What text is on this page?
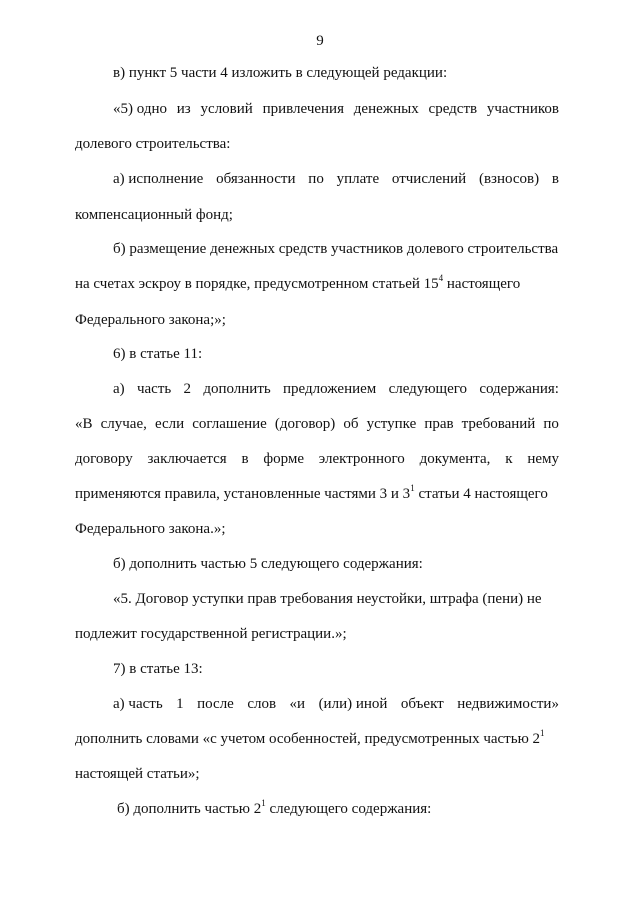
9
в) пункт 5 части 4 изложить в следующей редакции:
«5) одно из условий привлечения денежных средств участников
долевого строительства:
а) исполнение обязанности по уплате отчислений (взносов) в
компенсационный фонд;
б) размещение денежных средств участников долевого строительства
на счетах эскроу в порядке, предусмотренном статьей $15^4$ настоящего
Федерального закона;»;
6) в статье 11:
а) часть 2 дополнить предложением следующего содержания:
«В случае, если соглашение (договор) об уступке прав требований по
договору заключается в форме электронного документа, к нему
применяются правила, установленные частями 3 и $3^1$ статьи 4 настоящего
Федерального закона.»;
б) дополнить частью 5 следующего содержания:
«5. Договор уступки прав требования неустойки, штрафа (пени) не
подлежит государственной регистрации.»;
7) в статье 13:
а) часть 1 после слов «и (или) иной объект недвижимости»
дополнить словами «с учетом особенностей, предусмотренных частью $2^1$
настоящей статьи»;
б) дополнить частью $2^1$ следующего содержания:
